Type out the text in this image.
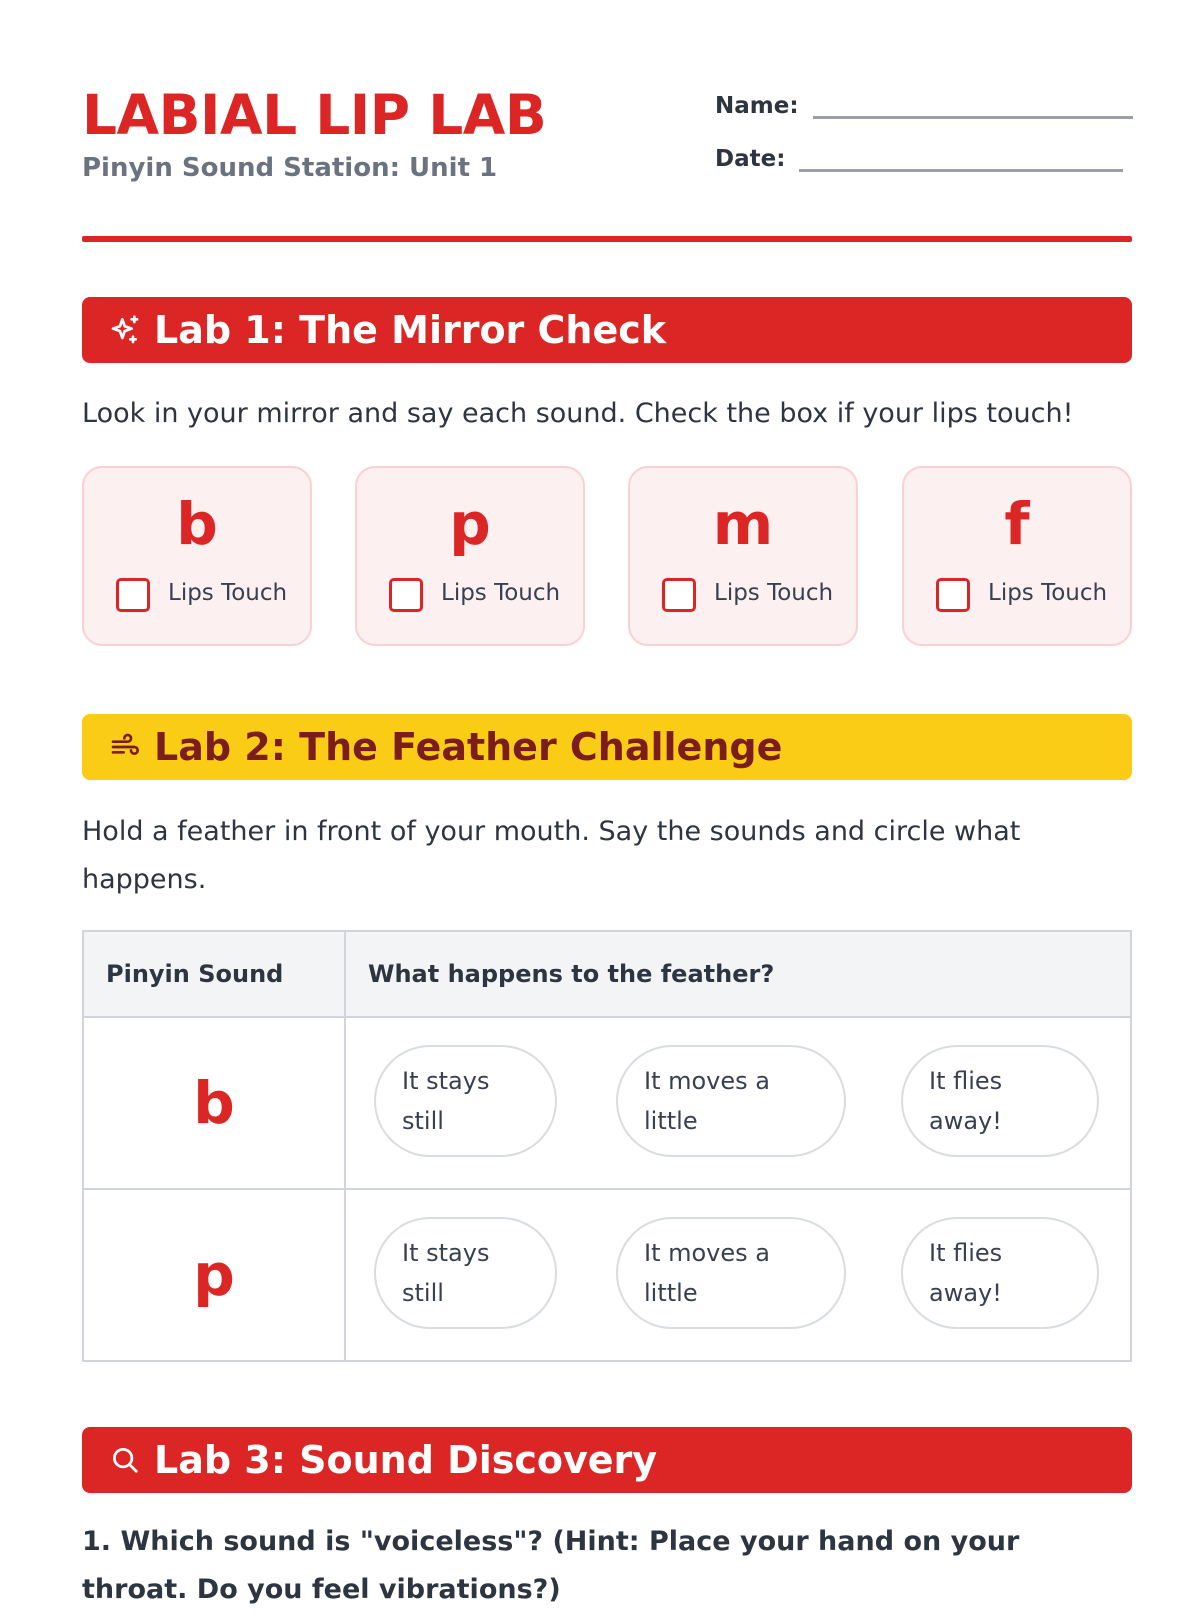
LABIAL LIP LAB

Pinyin Sound Station: Unit 1

Name:
Date:
Lab 1: The Mirror Check

Look in your mirror and say each sound. Check the box if your lips touch!

b
Lips Touch
p
Lips Touch
m
Lips Touch
f
Lips Touch
Lab 2: The Feather Challenge

Hold a feather in front of your mouth. Say the sounds and circle what happens.

Pinyin Sound	What happens to the feather?
b	It stays still
It moves a little
It flies away!
p	It stays still
It moves a little
It flies away!
Lab 3: Sound Discovery

1. Which sound is "voiceless"? (Hint: Place your hand on your throat. Do you feel vibrations?)
